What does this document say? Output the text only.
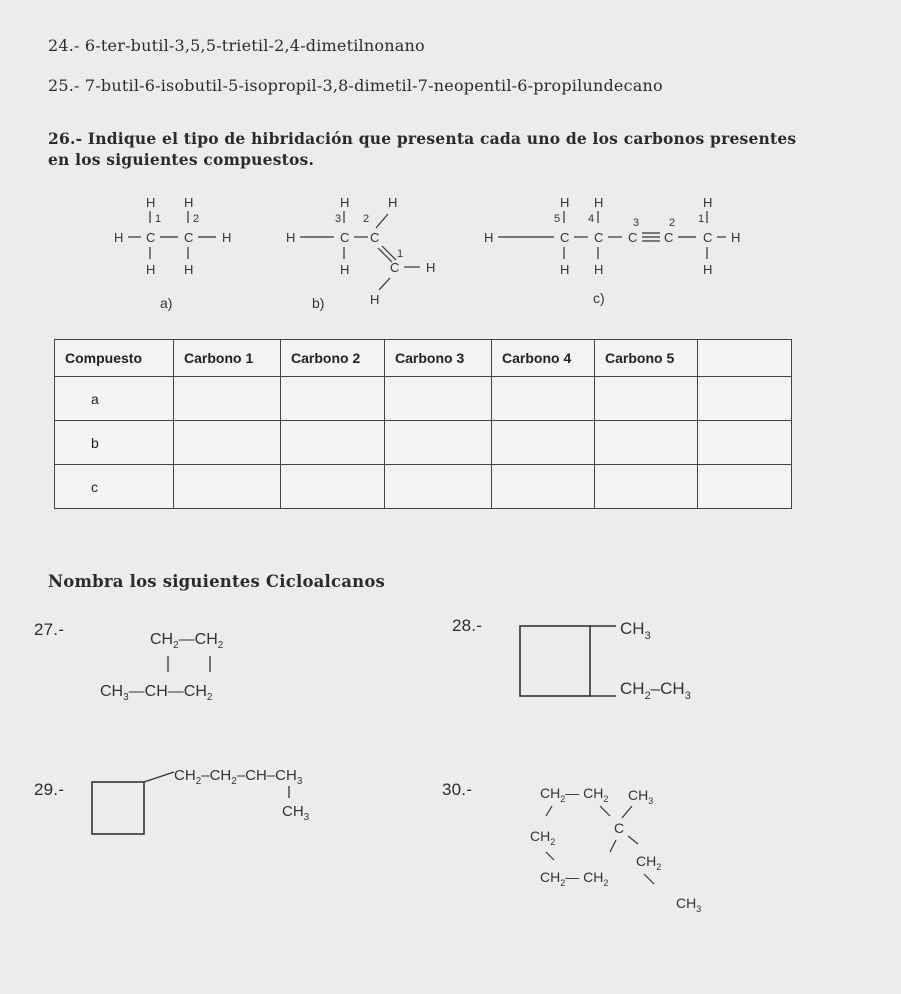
24.- 6-ter-butil-3,5,5-trietil-2,4-dimetilnonano
25.- 7-butil-6-isobutil-5-isopropil-3,8-dimetil-7-neopentil-6-propilundecano
26.- Indique el tipo de hibridación que presenta cada uno de los carbonos presentes
en los siguientes compuestos.
H H
1	2
H C C H
H H
a)
H	H
3 2
H	C C
1
H	C H
H
b)
H H	H
5	4	3	2 1
H	C C C C C
H H	H
H
c)
Compuesto	Carbono 1	Carbono 2	Carbono 3	Carbono 4	Carbono 5	
a						
b						
c						
Nombra los siguientes Cicloalcanos
27.-
$CH_2—CH_2$
$CH_3—CH—CH_2$
28.-	$CH_3$
$CH_2-CH_3$
29.-
$CH_2-CH_2-CH-CH_3$
$CH_3$
30.-	$CH_2—$ $CH_2$ $CH_3$
C
$CH_2$
$CH_2$
$CH_2—$ $CH_2$
$CH_3$
